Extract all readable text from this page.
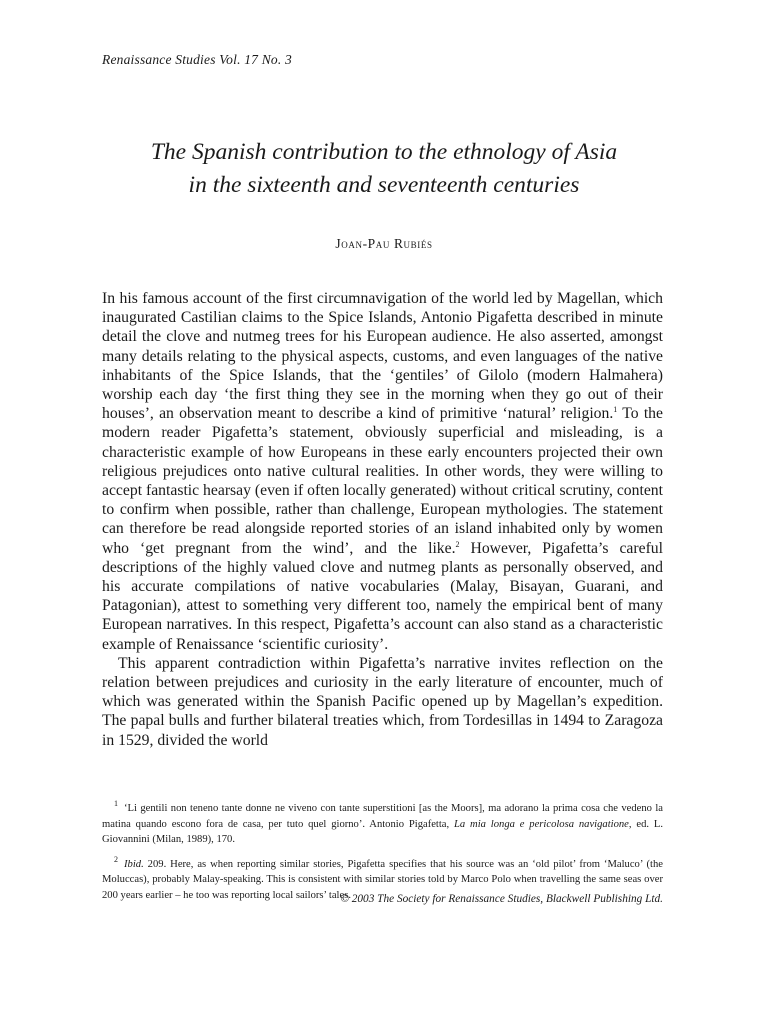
Renaissance Studies Vol. 17 No. 3
The Spanish contribution to the ethnology of Asia
in the sixteenth and seventeenth centuries
Joan-Pau Rubiés

In his famous account of the first circumnavigation of the world led by Magellan, which inaugurated Castilian claims to the Spice Islands, Antonio Pigafetta described in minute detail the clove and nutmeg trees for his European audience. He also asserted, amongst many details relating to the physical aspects, customs, and even languages of the native inhabitants of the Spice Islands, that the ‘gentiles’ of Gilolo (modern Halmahera) worship each day ‘the first thing they see in the morning when they go out of their houses’, an observation meant to describe a kind of primitive ‘natural’ religion.$^1$ To the modern reader Pigafetta’s statement, obviously superficial and misleading, is a characteristic example of how Europeans in these early encounters projected their own religious prejudices onto native cultural realities. In other words, they were willing to accept fantastic hearsay (even if often locally generated) without critical scrutiny, content to confirm when possible, rather than challenge, European mythologies. The statement can therefore be read alongside reported stories of an island inhabited only by women who ‘get pregnant from the wind’, and the like.$^2$ However, Pigafetta’s careful descriptions of the highly valued clove and nutmeg plants as personally observed, and his accurate compilations of native vocabularies (Malay, Bisayan, Guarani, and Patagonian), attest to something very different too, namely the empirical bent of many European narratives. In this respect, Pigafetta’s account can also stand as a characteristic example of Renaissance ‘scientific curiosity’.

This apparent contradiction within Pigafetta’s narrative invites reflection on the relation between prejudices and curiosity in the early literature of encounter, much of which was generated within the Spanish Pacific opened up by Magellan’s expedition. The papal bulls and further bilateral treaties which, from Tordesillas in 1494 to Zaragoza in 1529, divided the world

$^1$ ‘Li gentili non teneno tante donne ne viveno con tante superstitioni [as the Moors], ma adorano la prima cosa che vedeno la matina quando escono fora de casa, per tuto quel giorno’. Antonio Pigafetta, La mia longa e pericolosa navigatione, ed. L. Giovannini (Milan, 1989), 170.

$^2$ Ibid. 209. Here, as when reporting similar stories, Pigafetta specifies that his source was an ‘old pilot’ from ‘Maluco’ (the Moluccas), probably Malay-speaking. This is consistent with similar stories told by Marco Polo when travelling the same seas over 200 years earlier – he too was reporting local sailors’ tales.

© 2003 The Society for Renaissance Studies, Blackwell Publishing Ltd.
